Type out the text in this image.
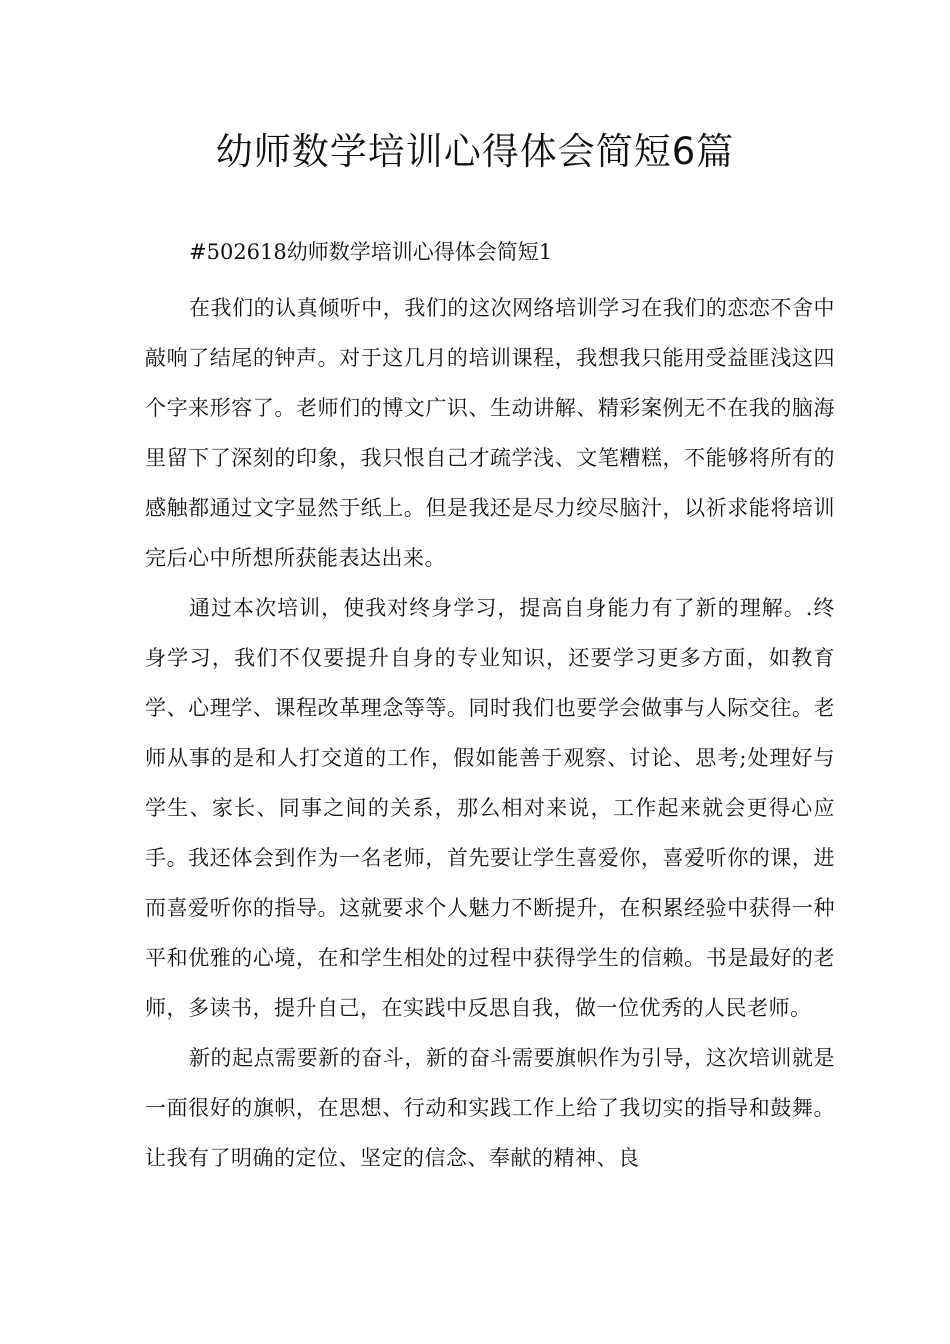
幼师数学培训心得体会简短6篇

#502618幼师数学培训心得体会简短1

在我们的认真倾听中，我们的这次网络培训学习在我们的恋恋不舍中敲响了结尾的钟声。对于这几月的培训课程，我想我只能用受益匪浅这四个字来形容了。老师们的博文广识、生动讲解、精彩案例无不在我的脑海里留下了深刻的印象，我只恨自己才疏学浅、文笔糟糕，不能够将所有的感触都通过文字显然于纸上。但是我还是尽力绞尽脑汁，以祈求能将培训完后心中所想所获能表达出来。

通过本次培训，使我对终身学习，提高自身能力有了新的理解。.终身学习，我们不仅要提升自身的专业知识，还要学习更多方面，如教育学、心理学、课程改革理念等等。同时我们也要学会做事与人际交往。老师从事的是和人打交道的工作，假如能善于观察、讨论、思考;处理好与学生、家长、同事之间的关系，那么相对来说，工作起来就会更得心应手。我还体会到作为一名老师，首先要让学生喜爱你，喜爱听你的课，进而喜爱听你的指导。这就要求个人魅力不断提升，在积累经验中获得一种平和优雅的心境，在和学生相处的过程中获得学生的信赖。书是最好的老师，多读书，提升自己，在实践中反思自我，做一位优秀的人民老师。

新的起点需要新的奋斗，新的奋斗需要旗帜作为引导，这次培训就是一面很好的旗帜，在思想、行动和实践工作上给了我切实的指导和鼓舞。让我有了明确的定位、坚定的信念、奉献的精神、良
